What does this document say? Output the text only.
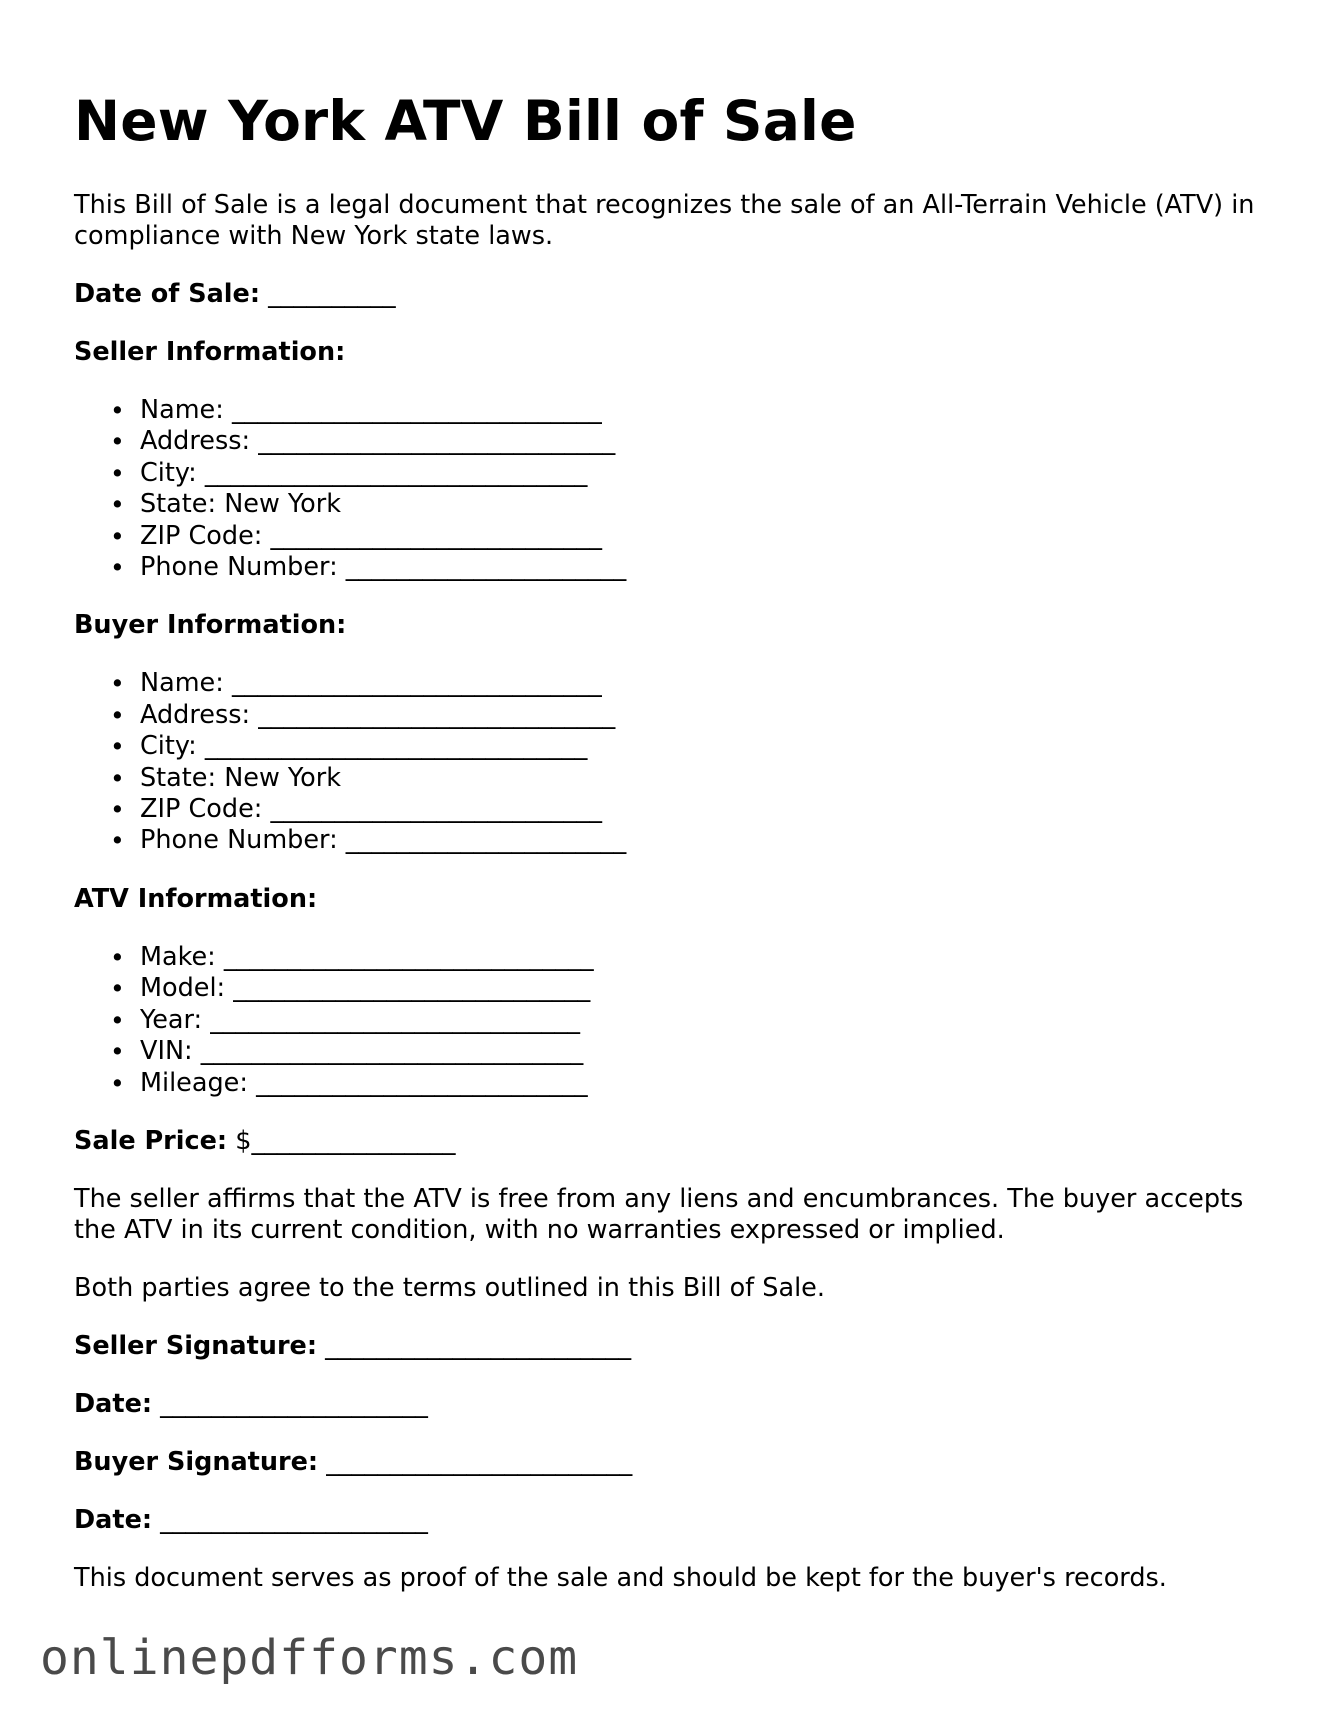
New York ATV Bill of Sale

This Bill of Sale is a legal document that recognizes the sale of an All-Terrain Vehicle (ATV) in compliance with New York state laws.

Date of Sale: __________

Seller Information:

• Name: _____________________________
• Address: ____________________________
• City: ______________________________
• State: New York
• ZIP Code: __________________________
• Phone Number: ______________________

Buyer Information:

• Name: _____________________________
• Address: ____________________________
• City: ______________________________
• State: New York
• ZIP Code: __________________________
• Phone Number: ______________________

ATV Information:

• Make: _____________________________
• Model: ____________________________
• Year: _____________________________
• VIN: ______________________________
• Mileage: __________________________

Sale Price: $________________

The seller affirms that the ATV is free from any liens and encumbrances. The buyer accepts the ATV in its current condition, with no warranties expressed or implied.

Both parties agree to the terms outlined in this Bill of Sale.

Seller Signature: ________________________

Date: _____________________

Buyer Signature: ________________________

Date: _____________________

This document serves as proof of the sale and should be kept for the buyer's records.

onlinepdfforms.com
